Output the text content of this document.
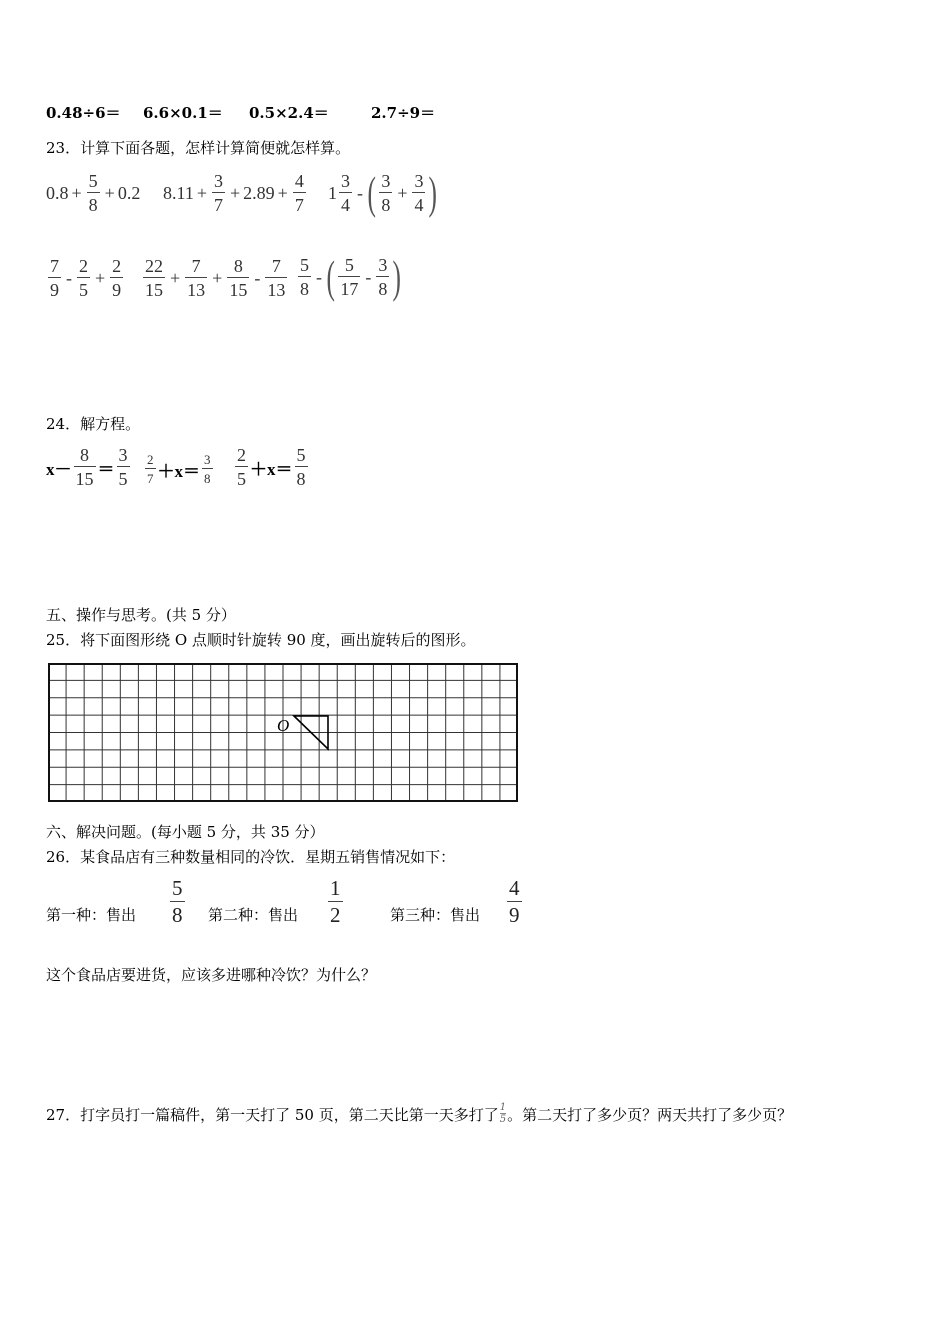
0.48÷6＝ 6.6×0.1＝ 0.5×2.4＝	2.7÷9＝
23．计算下面各题，怎样计算简便就怎样算。
$0.8 + \frac{5}{8} + 0.2$ $8.11 + \frac{3}{7} + 2.89 + \frac{4}{7} 1 \frac{3}{4}$ - ( $\frac{3}{8} + \frac{3}{4}$ )
$\frac{7}{9} - \frac{2}{5} + \frac{2}{9} \frac{22}{15} + \frac{7}{13} + \frac{8}{15} - \frac{7}{13} \frac{5}{8}$ - ( $\frac{5}{17} - \frac{3}{8}$ )
24．解方程。
$x- \frac{8}{15} = \frac{3}{5} \frac{2}{7} +x= \frac{3}{8} \frac{2}{5} +x= \frac{5}{8}$
五、操作与思考。(共 5 分）
25．将下面图形绕 O 点顺时针旋转 90 度，画出旋转后的图形。
O
六、解决问题。(每小题 5 分，共 35 分）
26．某食品店有三种数量相同的冷饮．星期五销售情况如下：
第一种：售出 $\frac{5}{8}$ 第二种：售出 $\frac{1}{2}$	第三种：售出 $\frac{4}{9}$
这个食品店要进货，应该多进哪种冷饮？为什么？
27．打字员打一篇稿件，第一天打了 50 页，第二天比第一天多打了 $\frac{1}{5}$ 。第二天打了多少页？两天共打了多少页？
